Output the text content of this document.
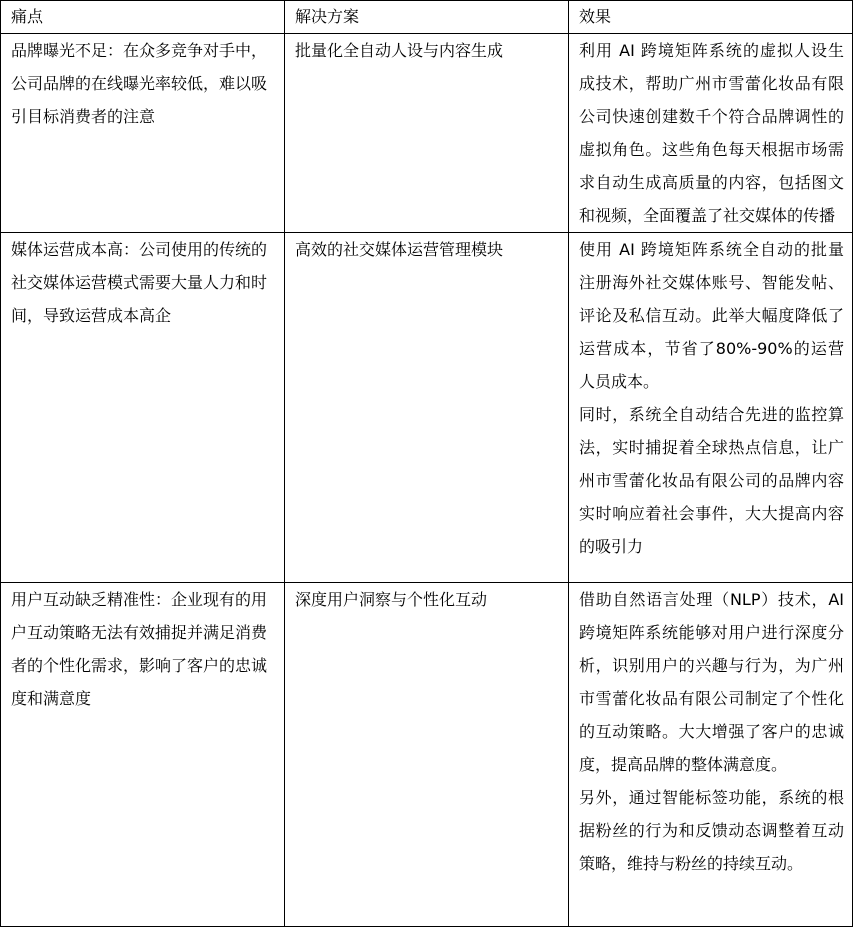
痛点	解决方案	效果
品牌曝光不足：在众多竞争对手中，公司品牌的在线曝光率较低，难以吸引目标消费者的注意	批量化全自动人设与内容生成	利用 AI 跨境矩阵系统的虚拟人设生成技术，帮助广州市雪蕾化妆品有限公司快速创建数千个符合品牌调性的虚拟角色。这些角色每天根据市场需求自动生成高质量的内容，包括图文和视频，全面覆盖了社交媒体的传播

媒体运营成本高：公司使用的传统的社交媒体运营模式需要大量人力和时间，导致运营成本高企	高效的社交媒体运营管理模块	使用 AI 跨境矩阵系统全自动的批量注册海外社交媒体账号、智能发帖、评论及私信互动。此举大幅度降低了运营成本，节省了80%-90%的运营人员成本。
同时，系统全自动结合先进的监控算法，实时捕捉着全球热点信息，让广州市雪蕾化妆品有限公司的品牌内容实时响应着社会事件，大大提高内容的吸引力

用户互动缺乏精准性：企业现有的用户互动策略无法有效捕捉并满足消费者的个性化需求，影响了客户的忠诚度和满意度	深度用户洞察与个性化互动	借助自然语言处理（NLP）技术，AI 跨境矩阵系统能够对用户进行深度分析，识别用户的兴趣与行为，为广州市雪蕾化妆品有限公司制定了个性化的互动策略。大大增强了客户的忠诚度，提高品牌的整体满意度。
另外，通过智能标签功能，系统的根据粉丝的行为和反馈动态调整着互动策略，维持与粉丝的持续互动。
